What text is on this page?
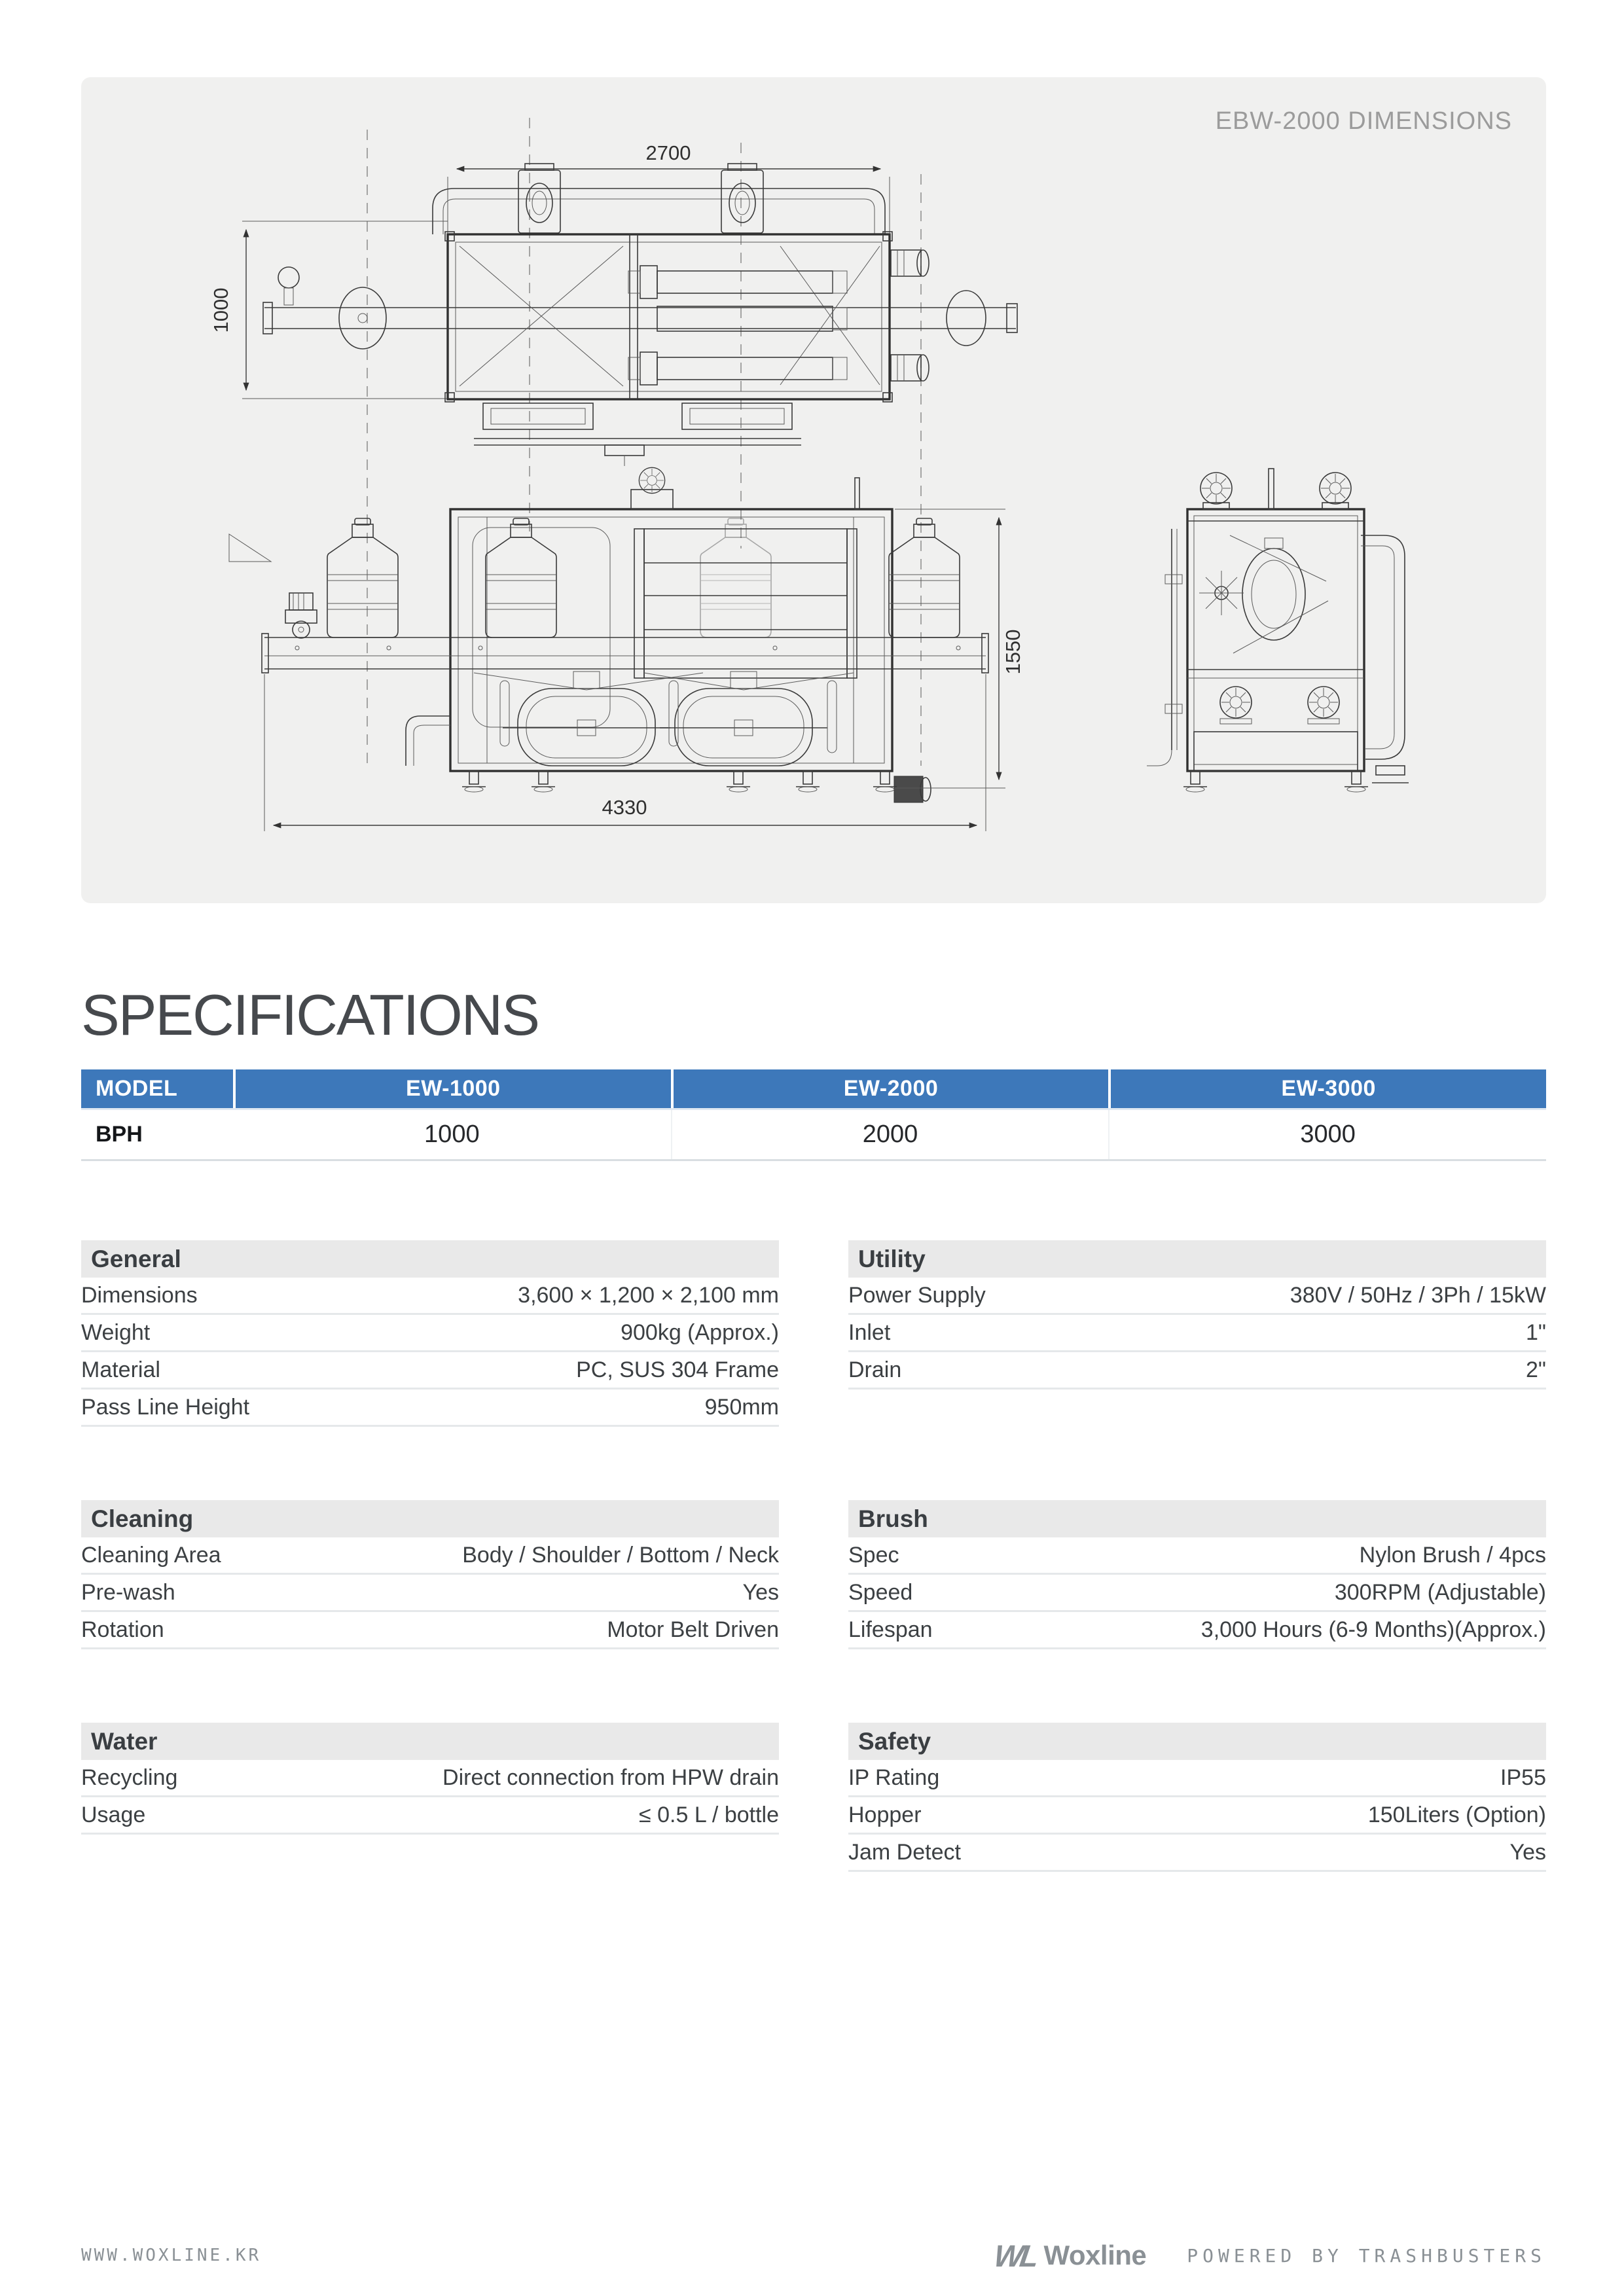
EBW-2000 DIMENSIONS
2700
1000
1550
4330
SPECIFICATIONS
MODEL	EW-1000	EW-2000	EW-3000
BPH	1000	2000	3000
General
Dimensions	3,600 × 1,200 × 2,100 mm
Weight	900kg (Approx.)
Material	PC, SUS 304 Frame
Pass Line Height	950mm
Utility
Power Supply	380V / 50Hz / 3Ph / 15kW
Inlet	1"
Drain	2"
Cleaning
Cleaning Area	Body / Shoulder / Bottom / Neck
Pre-wash	Yes
Rotation	Motor Belt Driven
Brush
Spec	Nylon Brush / 4pcs
Speed	300RPM (Adjustable)
Lifespan	3,000 Hours (6-9 Months)(Approx.)
Water
Recycling	Direct connection from HPW drain
Usage	≤ 0.5 L / bottle
Safety
IP Rating	IP55
Hopper	150Liters (Option)
Jam Detect	Yes
WWW.WOXLINE.KR	WL Woxline POWERED BY TRASHBUSTERS
